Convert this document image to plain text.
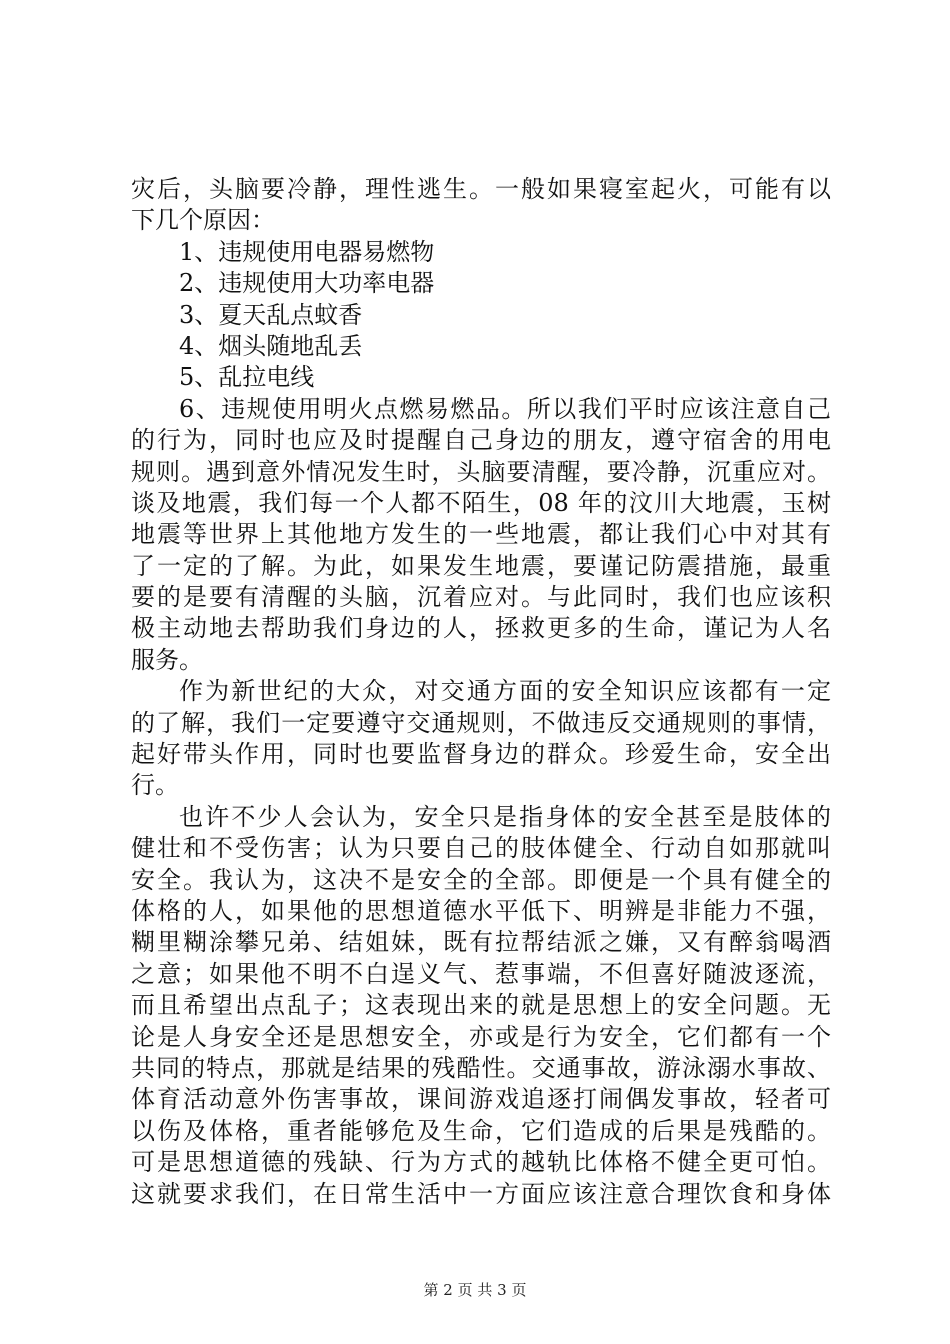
灾后，头脑要冷静，理性逃生。一般如果寝室起火，可能有以
下几个原因：
1、违规使用电器易燃物
2、违规使用大功率电器
3、夏天乱点蚊香
4、烟头随地乱丢
5、乱拉电线
6、违规使用明火点燃易燃品。所以我们平时应该注意自己
的行为，同时也应及时提醒自己身边的朋友，遵守宿舍的用电
规则。遇到意外情况发生时，头脑要清醒，要冷静，沉重应对。
谈及地震，我们每一个人都不陌生，08 年的汶川大地震，玉树
地震等世界上其他地方发生的一些地震，都让我们心中对其有
了一定的了解。为此，如果发生地震，要谨记防震措施，最重
要的是要有清醒的头脑，沉着应对。与此同时，我们也应该积
极主动地去帮助我们身边的人，拯救更多的生命，谨记为人名
服务。
作为新世纪的大众，对交通方面的安全知识应该都有一定
的了解，我们一定要遵守交通规则，不做违反交通规则的事情，
起好带头作用，同时也要监督身边的群众。珍爱生命，安全出
行。
也许不少人会认为，安全只是指身体的安全甚至是肢体的
健壮和不受伤害；认为只要自己的肢体健全、行动自如那就叫
安全。我认为，这决不是安全的全部。即便是一个具有健全的
体格的人，如果他的思想道德水平低下、明辨是非能力不强，
糊里糊涂攀兄弟、结姐妹，既有拉帮结派之嫌，又有醉翁喝酒
之意；如果他不明不白逞义气、惹事端，不但喜好随波逐流，
而且希望出点乱子；这表现出来的就是思想上的安全问题。无
论是人身安全还是思想安全，亦或是行为安全，它们都有一个
共同的特点，那就是结果的残酷性。交通事故，游泳溺水事故、
体育活动意外伤害事故，课间游戏追逐打闹偶发事故，轻者可
以伤及体格，重者能够危及生命，它们造成的后果是残酷的。
可是思想道德的残缺、行为方式的越轨比体格不健全更可怕。
这就要求我们，在日常生活中一方面应该注意合理饮食和身体
第 2 页 共 3 页
